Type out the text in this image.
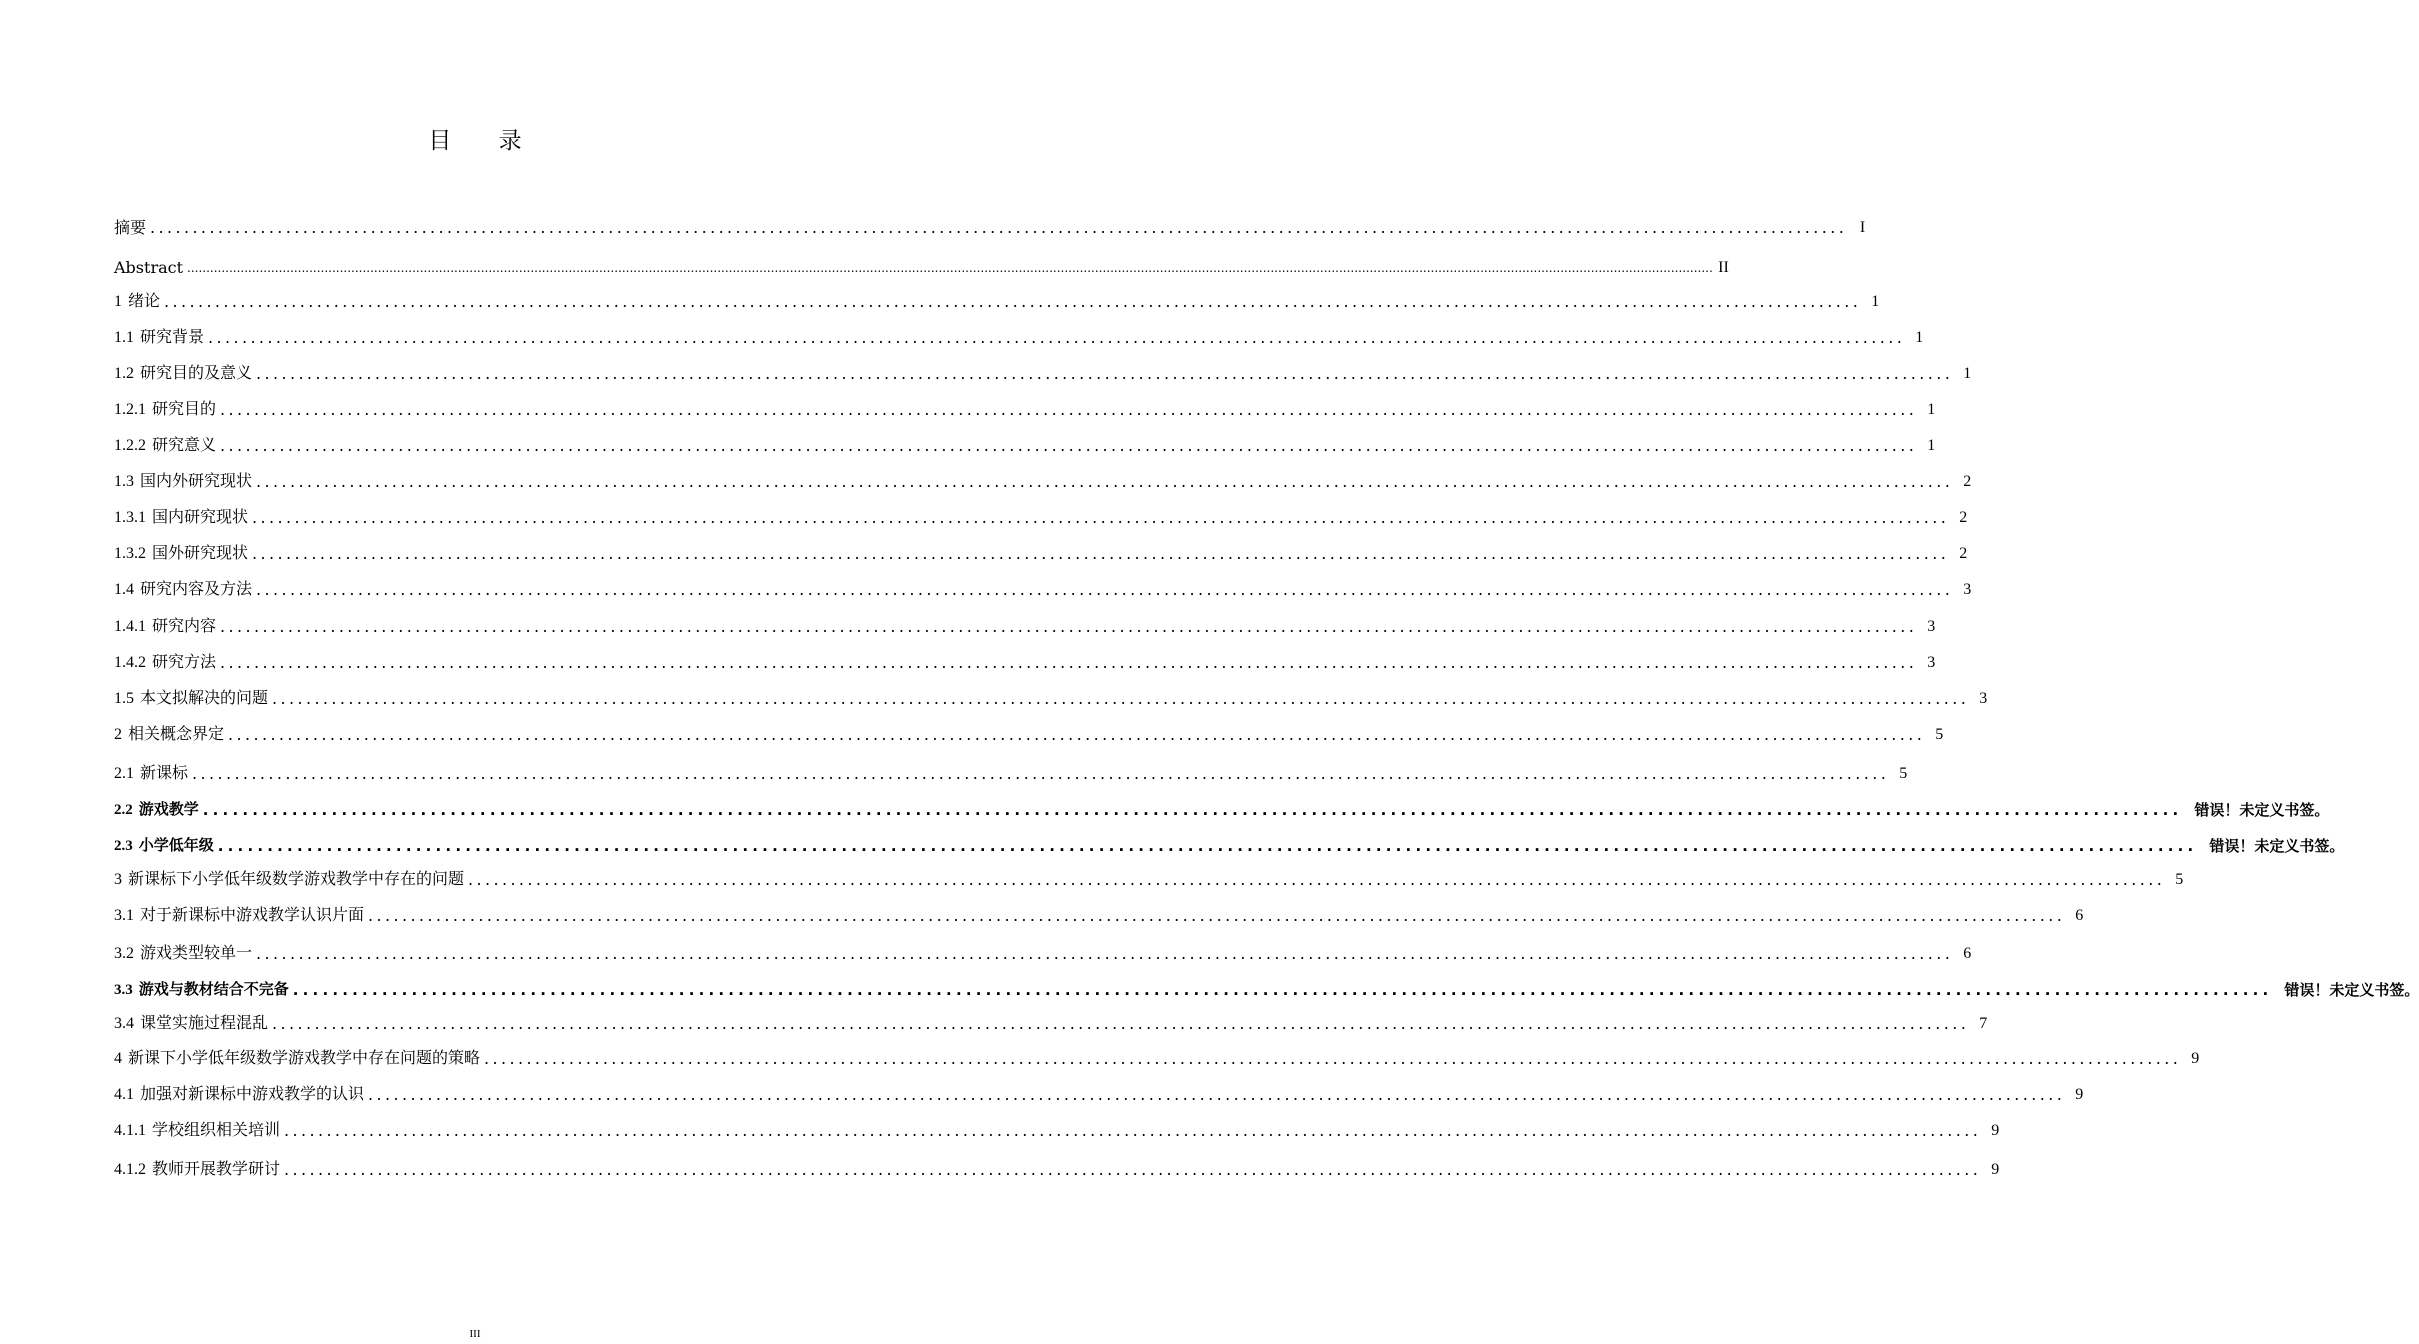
目 录
摘要 ........................................................................................................................................................................................................ I
Abstract ................................................................................................................................................................................................................................................................................................................................................................................................................ II
1 绪论 ........................................................................................................................................................................................................ 1
1.1 研究背景 ........................................................................................................................................................................................................ 1
1.2 研究目的及意义 ........................................................................................................................................................................................................ 1
1.2.1 研究目的 ........................................................................................................................................................................................................ 1
1.2.2 研究意义 ........................................................................................................................................................................................................ 1
1.3 国内外研究现状 ........................................................................................................................................................................................................ 2
1.3.1 国内研究现状 ........................................................................................................................................................................................................ 2
1.3.2 国外研究现状 ........................................................................................................................................................................................................ 2
1.4 研究内容及方法 ........................................................................................................................................................................................................ 3
1.4.1 研究内容 ........................................................................................................................................................................................................ 3
1.4.2 研究方法 ........................................................................................................................................................................................................ 3
1.5 本文拟解决的问题 ........................................................................................................................................................................................................ 3
2 相关概念界定 ........................................................................................................................................................................................................ 5
2.1 新课标 ........................................................................................................................................................................................................ 5
2.2 游戏教学 ........................................................................................................................................................................................................ 错误！未定义书签。
2.3 小学低年级 ........................................................................................................................................................................................................ 错误！未定义书签。
3 新课标下小学低年级数学游戏教学中存在的问题 ........................................................................................................................................................................................................ 5
3.1 对于新课标中游戏教学认识片面 ........................................................................................................................................................................................................ 6
3.2 游戏类型较单一 ........................................................................................................................................................................................................ 6
3.3 游戏与教材结合不完备 ........................................................................................................................................................................................................ 错误！未定义书签。
3.4 课堂实施过程混乱 ........................................................................................................................................................................................................ 7
4 新课下小学低年级数学游戏教学中存在问题的策略 ........................................................................................................................................................................................................ 9
4.1 加强对新课标中游戏教学的认识 ........................................................................................................................................................................................................ 9
4.1.1 学校组织相关培训 ........................................................................................................................................................................................................ 9
4.1.2 教师开展教学研讨 ........................................................................................................................................................................................................ 9
III
